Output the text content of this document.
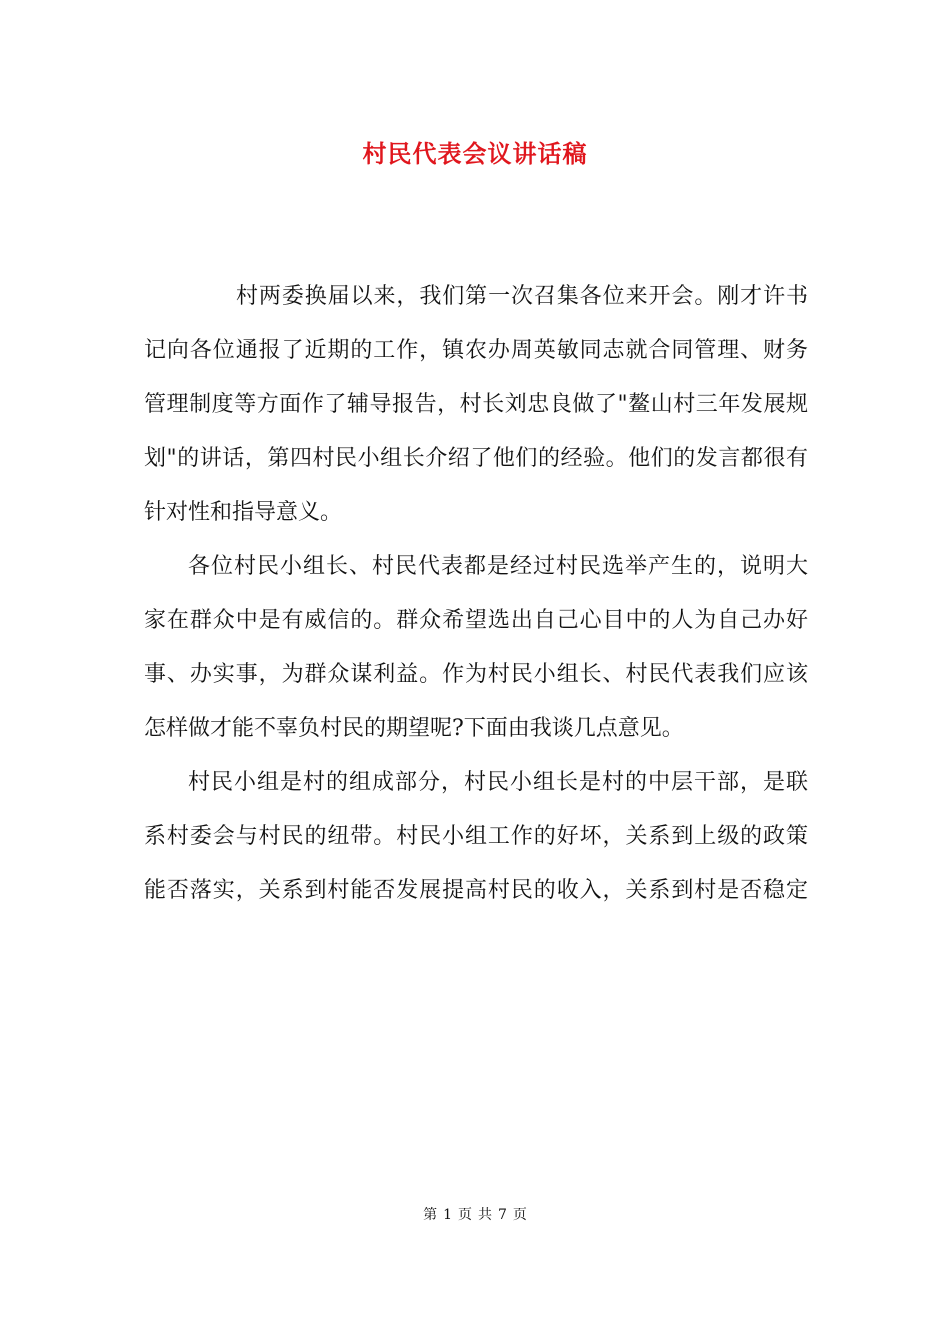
村民代表会议讲话稿
村两委换届以来，我们第一次召集各位来开会。刚才许书
记向各位通报了近期的工作，镇农办周英敏同志就合同管理、财务
管理制度等方面作了辅导报告，村长刘忠良做了"鳌山村三年发展规
划"的讲话，第四村民小组长介绍了他们的经验。他们的发言都很有
针对性和指导意义。
各位村民小组长、村民代表都是经过村民选举产生的，说明大
家在群众中是有威信的。群众希望选出自己心目中的人为自己办好
事、办实事，为群众谋利益。作为村民小组长、村民代表我们应该
怎样做才能不辜负村民的期望呢?下面由我谈几点意见。
村民小组是村的组成部分，村民小组长是村的中层干部，是联
系村委会与村民的纽带。村民小组工作的好坏，关系到上级的政策
能否落实，关系到村能否发展提高村民的收入，关系到村是否稳定
第 1 页 共 7 页
